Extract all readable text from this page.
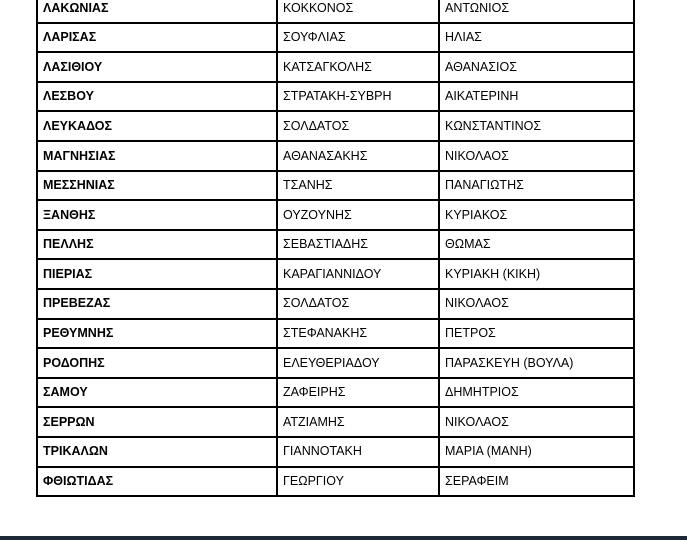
ΛΑΚΩΝΙΑΣ	ΚΟΚΚΟΝΟΣ	ΑΝΤΩΝΙΟΣ
ΛΑΡΙΣΑΣ	ΣΟΥΦΛΙΑΣ	ΗΛΙΑΣ
ΛΑΣΙΘΙΟΥ	ΚΑΤΣΑΓΚΟΛΗΣ	ΑΘΑΝΑΣΙΟΣ
ΛΕΣΒΟΥ	ΣΤΡΑΤΑΚΗ-ΣΥΒΡΗ	ΑΙΚΑΤΕΡΙΝΗ
ΛΕΥΚΑΔΟΣ	ΣΟΛΔΑΤΟΣ	ΚΩΝΣΤΑΝΤΙΝΟΣ
ΜΑΓΝΗΣΙΑΣ	ΑΘΑΝΑΣΑΚΗΣ	ΝΙΚΟΛΑΟΣ
ΜΕΣΣΗΝΙΑΣ	ΤΣΑΝΗΣ	ΠΑΝΑΓΙΩΤΗΣ
ΞΑΝΘΗΣ	ΟΥΖΟΥΝΗΣ	ΚΥΡΙΑΚΟΣ
ΠΕΛΛΗΣ	ΣΕΒΑΣΤΙΑΔΗΣ	ΘΩΜΑΣ
ΠΙΕΡΙΑΣ	ΚΑΡΑΓΙΑΝΝΙΔΟΥ	ΚΥΡΙΑΚΗ (ΚΙΚΗ)
ΠΡΕΒΕΖΑΣ	ΣΟΛΔΑΤΟΣ	ΝΙΚΟΛΑΟΣ
ΡΕΘΥΜΝΗΣ	ΣΤΕΦΑΝΑΚΗΣ	ΠΕΤΡΟΣ
ΡΟΔΟΠΗΣ	ΕΛΕΥΘΕΡΙΑΔΟΥ	ΠΑΡΑΣΚΕΥΗ (ΒΟΥΛΑ)
ΣΑΜΟΥ	ΖΑΦΕΙΡΗΣ	ΔΗΜΗΤΡΙΟΣ
ΣΕΡΡΩΝ	ΑΤΖΙΑΜΗΣ	ΝΙΚΟΛΑΟΣ
ΤΡΙΚΑΛΩΝ	ΓΙΑΝΝΟΤΑΚΗ	ΜΑΡΙΑ (ΜΑΝΗ)
ΦΘΙΩΤΙΔΑΣ	ΓΕΩΡΓΙΟΥ	ΣΕΡΑΦΕΙΜ
